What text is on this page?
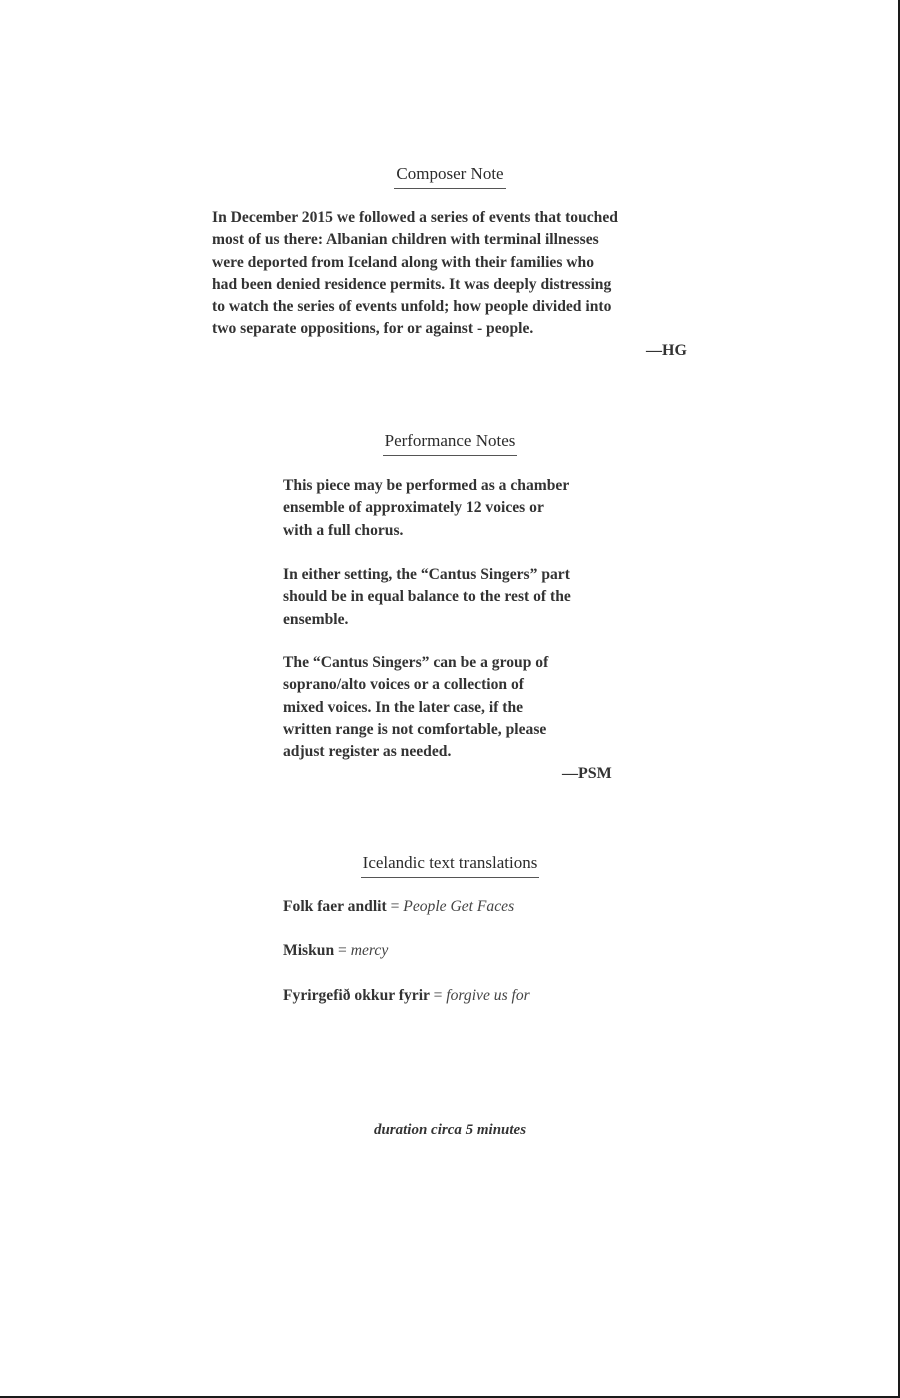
Composer Note

In December 2015 we followed a series of events that touched

most of us there: Albanian children with terminal illnesses

were deported from Iceland along with their families who

had been denied residence permits. It was deeply distressing

to watch the series of events unfold; how people divided into

two separate oppositions, for or against - people.

—HG
Performance Notes

This piece may be performed as a chamber

ensemble of approximately 12 voices or

with a full chorus.

In either setting, the “Cantus Singers” part

should be in equal balance to the rest of the

ensemble.

The “Cantus Singers” can be a group of

soprano/alto voices or a collection of

mixed voices. In the later case, if the

written range is not comfortable, please

adjust register as needed.

—PSM
Icelandic text translations
Folk faer andlit = People Get Faces
Miskun = mercy
Fyrirgefið okkur fyrir = forgive us for
duration circa 5 minutes
